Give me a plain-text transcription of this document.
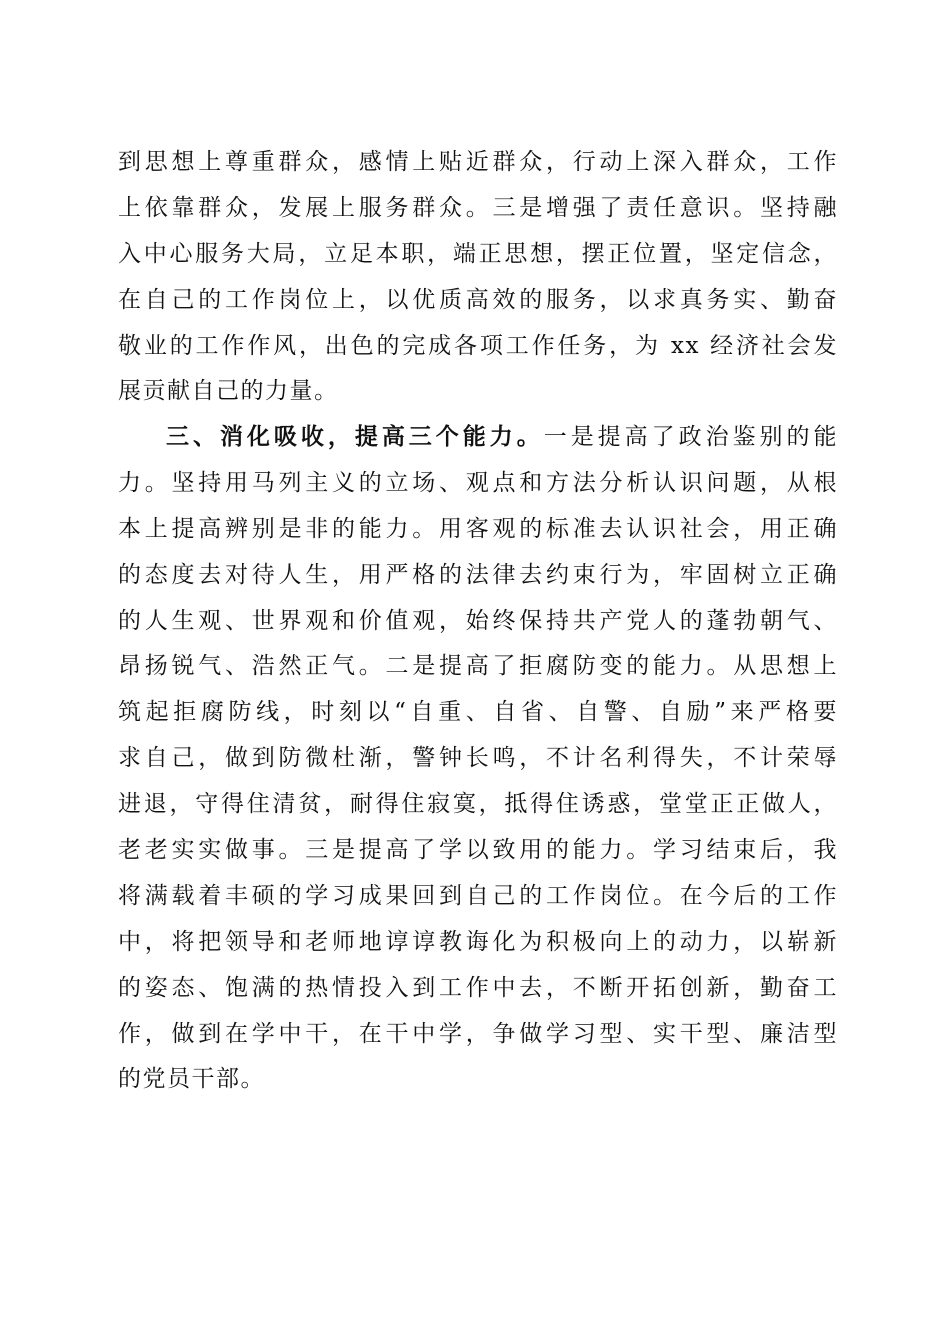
到思想上尊重群众，感情上贴近群众，行动上深入群众，工作
上依靠群众，发展上服务群众。三是增强了责任意识。坚持融
入中心服务大局，立足本职，端正思想，摆正位置，坚定信念，
在自己的工作岗位上，以优质高效的服务，以求真务实、勤奋
敬业的工作作风，出色的完成各项工作任务，为 xx 经济社会发
展贡献自己的力量。
三、消化吸收，提高三个能力。一是提高了政治鉴别的能
力。坚持用马列主义的立场、观点和方法分析认识问题，从根
本上提高辨别是非的能力。用客观的标准去认识社会，用正确
的态度去对待人生，用严格的法律去约束行为，牢固树立正确
的人生观、世界观和价值观，始终保持共产党人的蓬勃朝气、
昂扬锐气、浩然正气。二是提高了拒腐防变的能力。从思想上
筑起拒腐防线，时刻以“自重、自省、自警、自励”来严格要
求自己，做到防微杜渐，警钟长鸣，不计名利得失，不计荣辱
进退，守得住清贫，耐得住寂寞，抵得住诱惑，堂堂正正做人，
老老实实做事。三是提高了学以致用的能力。学习结束后，我
将满载着丰硕的学习成果回到自己的工作岗位。在今后的工作
中，将把领导和老师地谆谆教诲化为积极向上的动力，以崭新
的姿态、饱满的热情投入到工作中去，不断开拓创新，勤奋工
作，做到在学中干，在干中学，争做学习型、实干型、廉洁型
的党员干部。
